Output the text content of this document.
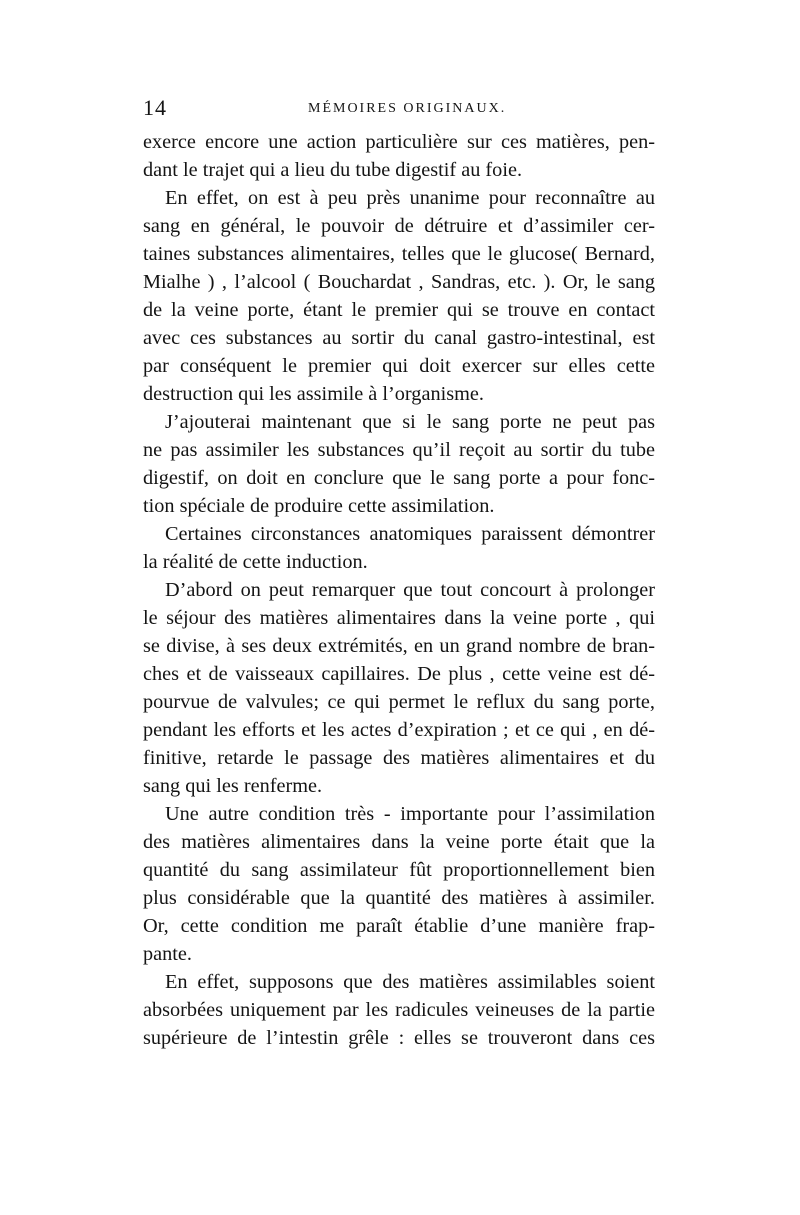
14	MÉMOIRES ORIGINAUX.
exerce encore une action particulière sur ces matières, pen-
dant le trajet qui a lieu du tube digestif au foie.
En effet, on est à peu près unanime pour reconnaître au
sang en général, le pouvoir de détruire et d’assimiler cer-
taines substances alimentaires, telles que le glucose( Bernard,
Mialhe ) , l’alcool ( Bouchardat , Sandras, etc. ). Or, le sang
de la veine porte, étant le premier qui se trouve en contact
avec ces substances au sortir du canal gastro-intestinal, est
par conséquent le premier qui doit exercer sur elles cette
destruction qui les assimile à l’organisme.
J’ajouterai maintenant que si le sang porte ne peut pas
ne pas assimiler les substances qu’il reçoit au sortir du tube
digestif, on doit en conclure que le sang porte a pour fonc-
tion spéciale de produire cette assimilation.
Certaines circonstances anatomiques paraissent démontrer
la réalité de cette induction.
D’abord on peut remarquer que tout concourt à prolonger
le séjour des matières alimentaires dans la veine porte , qui
se divise, à ses deux extrémités, en un grand nombre de bran-
ches et de vaisseaux capillaires. De plus , cette veine est dé-
pourvue de valvules; ce qui permet le reflux du sang porte,
pendant les efforts et les actes d’expiration ; et ce qui , en dé-
finitive, retarde le passage des matières alimentaires et du
sang qui les renferme.
Une autre condition très - importante pour l’assimilation
des matières alimentaires dans la veine porte était que la
quantité du sang assimilateur fût proportionnellement bien
plus considérable que la quantité des matières à assimiler.
Or, cette condition me paraît établie d’une manière frap-
pante.
En effet, supposons que des matières assimilables soient
absorbées uniquement par les radicules veineuses de la partie
supérieure de l’intestin grêle : elles se trouveront dans ces
